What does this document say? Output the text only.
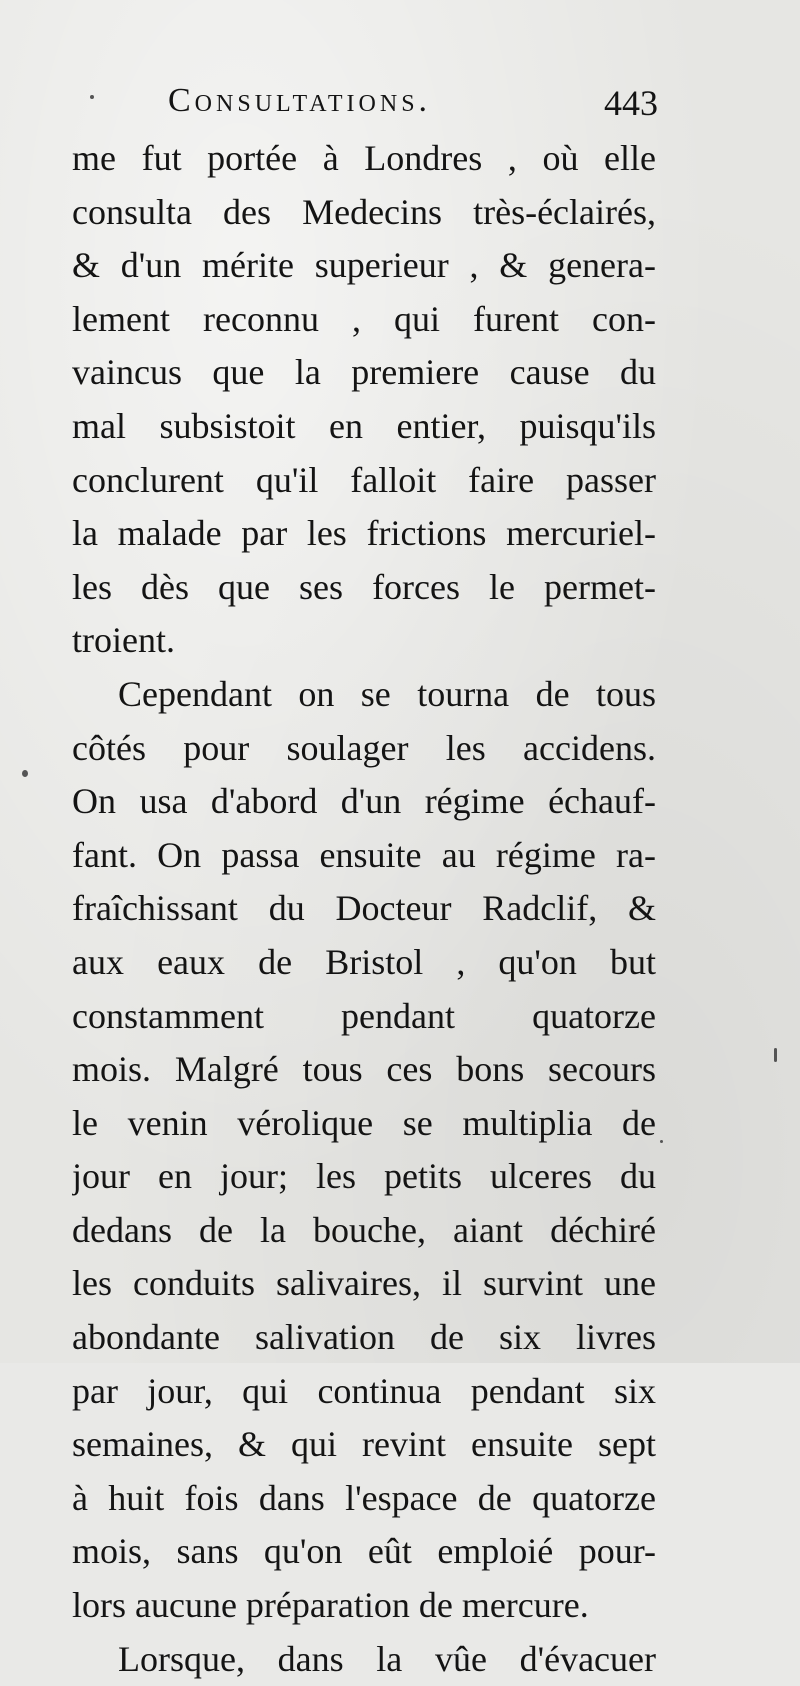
Consultations.	443
me fut portée à Londres , où elle
consulta des Medecins très-éclairés,
& d'un mérite superieur , & genera-
lement reconnu , qui furent con-
vaincus que la premiere cause du
mal subsistoit en entier, puisqu'ils
conclurent qu'il falloit faire passer
la malade par les frictions mercuriel-
les dès que ses forces le permet-
troient.
Cependant on se tourna de tous
côtés pour soulager les accidens.
On usa d'abord d'un régime échauf-
fant. On passa ensuite au régime ra-
fraîchissant du Docteur Radclif, &
aux eaux de Bristol , qu'on but
constamment pendant quatorze
mois. Malgré tous ces bons secours
le venin vérolique se multiplia de
jour en jour; les petits ulceres du
dedans de la bouche, aiant déchiré
les conduits salivaires, il survint une
abondante salivation de six livres
par jour, qui continua pendant six
semaines, & qui revint ensuite sept
à huit fois dans l'espace de quatorze
mois, sans qu'on eût emploié pour-
lors aucune préparation de mercure.
Lorsque, dans la vûe d'évacuer
